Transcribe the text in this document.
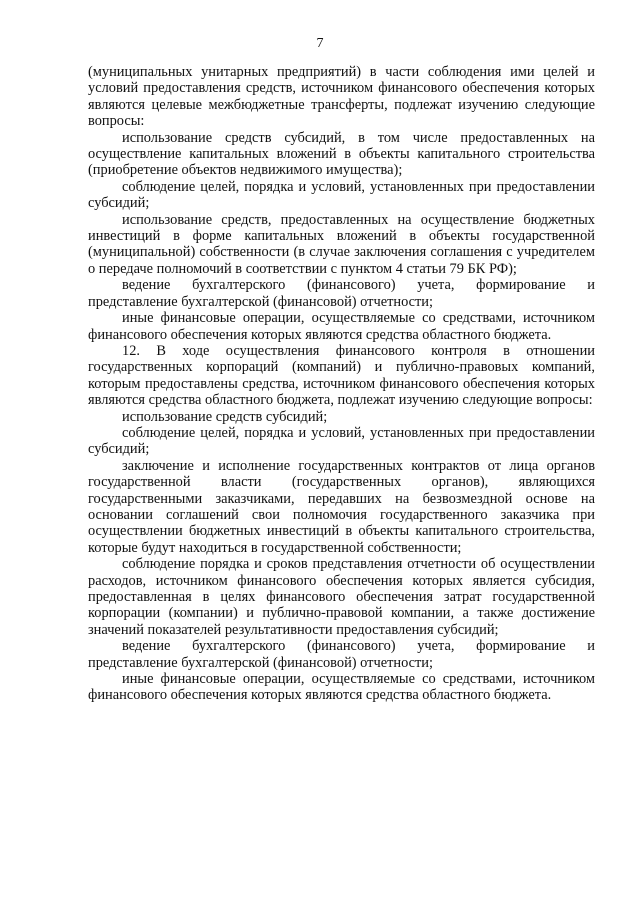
7

(муниципальных унитарных предприятий) в части соблюдения ими целей и условий предоставления средств, источником финансового обеспечения которых являются целевые межбюджетные трансферты, подлежат изучению следующие вопросы:

использование средств субсидий, в том числе предоставленных на осуществление капитальных вложений в объекты капитального строительства (приобретение объектов недвижимого имущества);

соблюдение целей, порядка и условий, установленных при предоставлении субсидий;

использование средств, предоставленных на осуществление бюджетных инвестиций в форме капитальных вложений в объекты государственной (муниципальной) собственности (в случае заключения соглашения с учредителем о передаче полномочий в соответствии с пунктом 4 статьи 79 БК РФ);

ведение бухгалтерского (финансового) учета, формирование и представление бухгалтерской (финансовой) отчетности;

иные финансовые операции, осуществляемые со средствами, источником финансового обеспечения которых являются средства областного бюджета.

12. В ходе осуществления финансового контроля в отношении государственных корпораций (компаний) и публично-правовых компаний, которым предоставлены средства, источником финансового обеспечения которых являются средства областного бюджета, подлежат изучению следующие вопросы:

использование средств субсидий;

соблюдение целей, порядка и условий, установленных при предоставлении субсидий;

заключение и исполнение государственных контрактов от лица органов государственной власти (государственных органов), являющихся государственными заказчиками, передавших на безвозмездной основе на основании соглашений свои полномочия государственного заказчика при осуществлении бюджетных инвестиций в объекты капитального строительства, которые будут находиться в государственной собственности;

соблюдение порядка и сроков представления отчетности об осуществлении расходов, источником финансового обеспечения которых является субсидия, предоставленная в целях финансового обеспечения затрат государственной корпорации (компании) и публично-правовой компании, а также достижение значений показателей результативности предоставления субсидий;

ведение бухгалтерского (финансового) учета, формирование и представление бухгалтерской (финансовой) отчетности;

иные финансовые операции, осуществляемые со средствами, источником финансового обеспечения которых являются средства областного бюджета.
